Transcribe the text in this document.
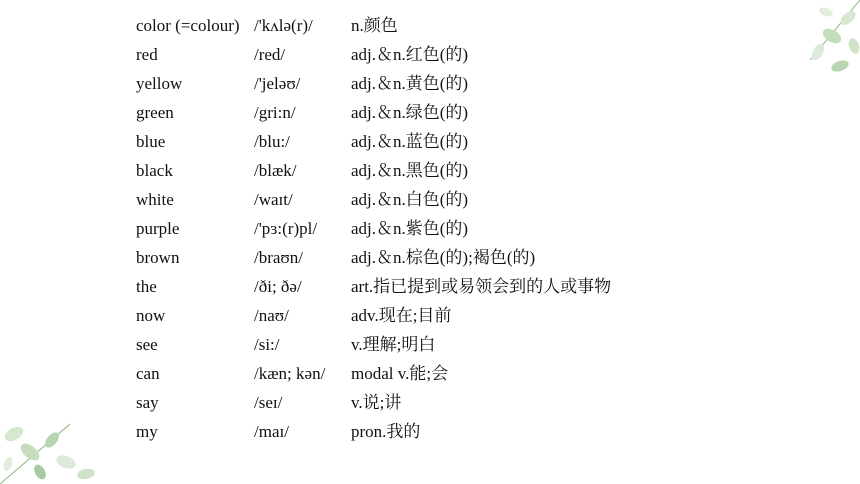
color (=colour) /'kʌlə(r)/ n.颜色
red	/red/	adj.＆n.红色(的)
yellow	/'jeləʊ/	adj.＆n.黄色(的)
green	/gri:n/	adj.＆n.绿色(的)
blue	/blu:/	adj.＆n.蓝色(的)
black	/blæk/	adj.＆n.黑色(的)
white	/waɪt/	adj.＆n.白色(的)
purple	/'pɜ:(r)pl/ adj.＆n.紫色(的)
brown	/braʊn/	adj.＆n.棕色(的);褐色(的)
the	/ði; ðə/	art.指已提到或易领会到的人或事物
now	/naʊ/	adv.现在;目前
see	/si:/	v.理解;明白
can	/kæn; kən/ modal v.能;会
say	/seɪ/	v.说;讲
my	/maɪ/	pron.我的
